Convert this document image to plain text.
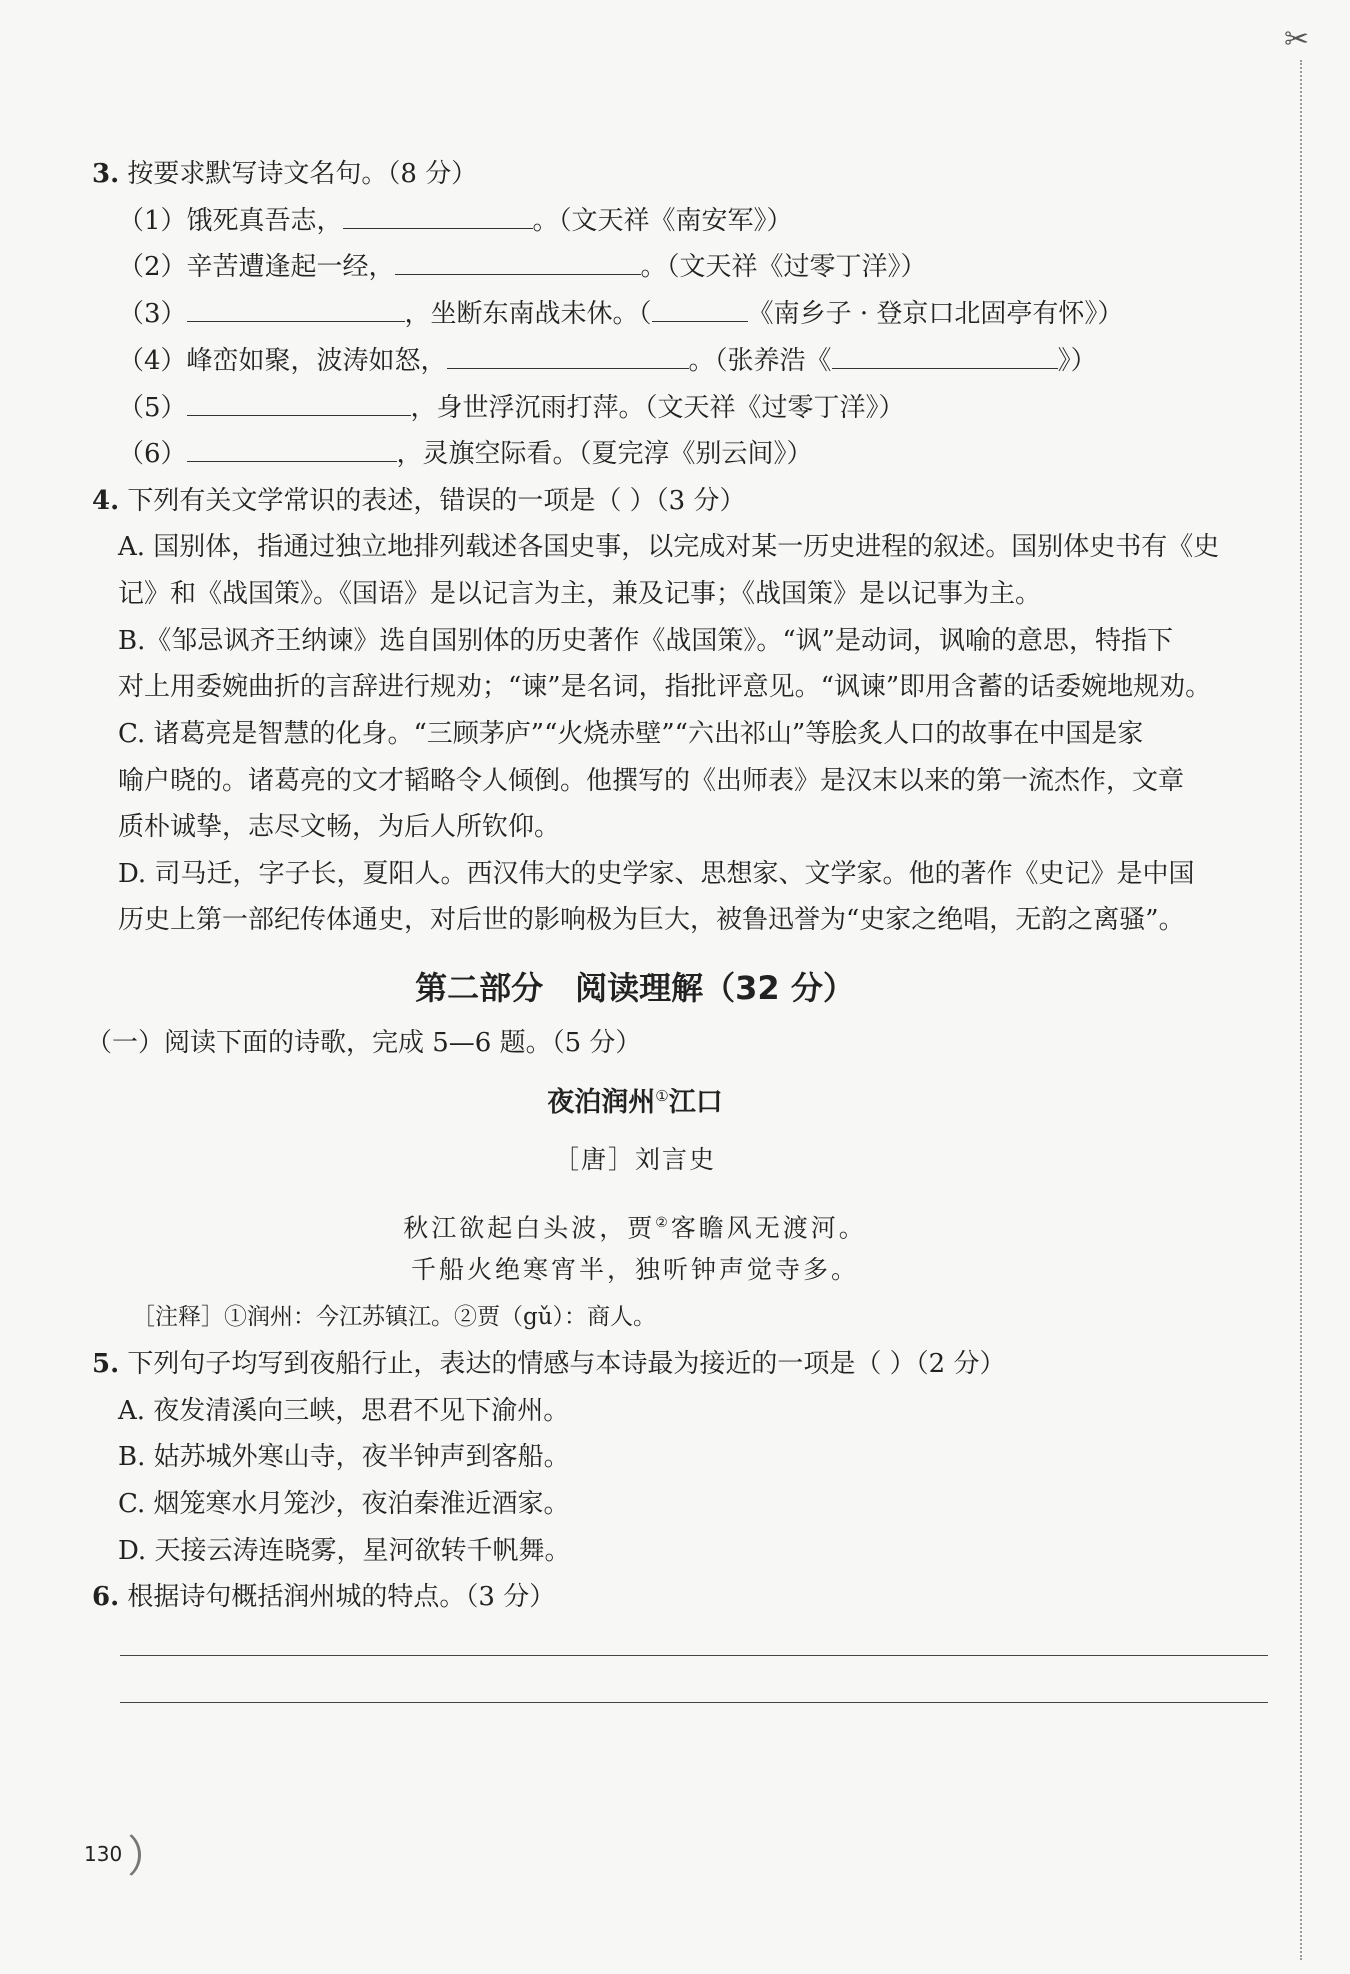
✂
3. 按要求默写诗文名句。（8 分）
（1）饿死真吾志，	。（文天祥《南安军》）
（2）辛苦遭逢起一经，	。（文天祥《过零丁洋》）
（3）	，坐断东南战未休。（	《南乡子 · 登京口北固亭有怀》）
（4）峰峦如聚，波涛如怒，	。（张养浩《	》）
（5）	，身世浮沉雨打萍。（文天祥《过零丁洋》）
（6）	，灵旗空际看。（夏完淳《别云间》）
4. 下列有关文学常识的表述，错误的一项是（ ）（3 分）
A. 国别体，指通过独立地排列载述各国史事，以完成对某一历史进程的叙述。国别体史书有《史
记》和《战国策》。《国语》是以记言为主，兼及记事；《战国策》是以记事为主。
B.《邹忌讽齐王纳谏》选自国别体的历史著作《战国策》。“讽”是动词，讽喻的意思，特指下
对上用委婉曲折的言辞进行规劝；“谏”是名词，指批评意见。“讽谏”即用含蓄的话委婉地规劝。
C. 诸葛亮是智慧的化身。“三顾茅庐”“火烧赤壁”“六出祁山”等脍炙人口的故事在中国是家
喻户晓的。诸葛亮的文才韬略令人倾倒。他撰写的《出师表》是汉末以来的第一流杰作，文章
质朴诚挚，志尽文畅，为后人所钦仰。
D. 司马迁，字子长，夏阳人。西汉伟大的史学家、思想家、文学家。他的著作《史记》是中国
历史上第一部纪传体通史，对后世的影响极为巨大，被鲁迅誉为“史家之绝唱，无韵之离骚”。
第二部分　阅读理解（32 分）
（一）阅读下面的诗歌，完成 5—6 题。（5 分）
夜泊润州①江口
［唐］刘言史
秋江欲起白头波，贾②客瞻风无渡河。
千船火绝寒宵半，独听钟声觉寺多。
［注释］①润州：今江苏镇江。②贾（gǔ）：商人。
5. 下列句子均写到夜船行止，表达的情感与本诗最为接近的一项是（ ）（2 分）
A. 夜发清溪向三峡，思君不见下渝州。
B. 姑苏城外寒山寺，夜半钟声到客船。
C. 烟笼寒水月笼沙，夜泊秦淮近酒家。
D. 天接云涛连晓雾，星河欲转千帆舞。
6. 根据诗句概括润州城的特点。（3 分）
130
